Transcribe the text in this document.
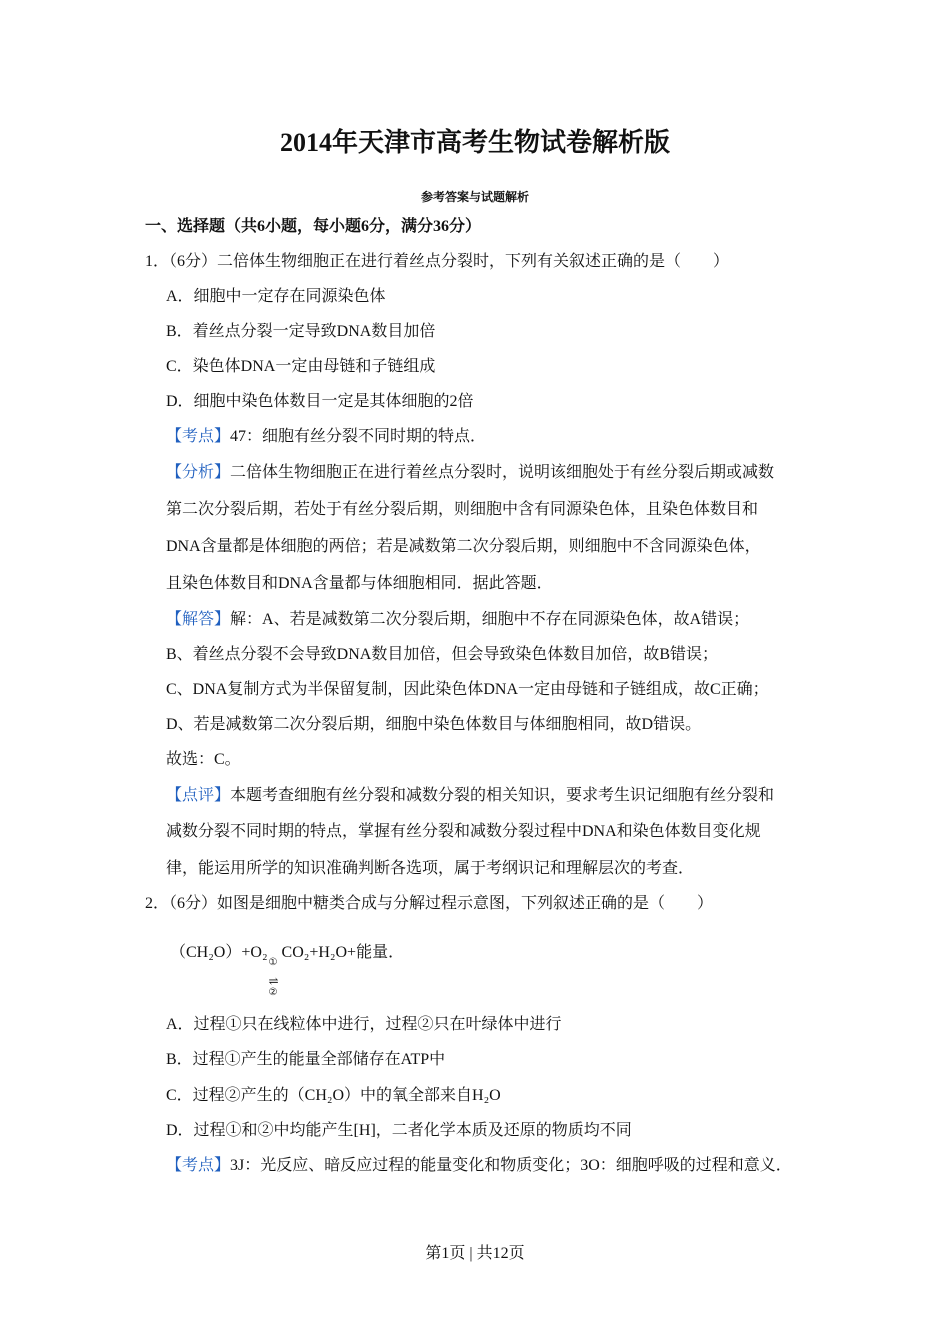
2014年天津市高考生物试卷解析版
参考答案与试题解析
一、选择题（共6小题，每小题6分，满分36分）
1．（6分）二倍体生物细胞正在进行着丝点分裂时，下列有关叙述正确的是（　　）
A．细胞中一定存在同源染色体
B．着丝点分裂一定导致DNA数目加倍
C．染色体DNA一定由母链和子链组成
D．细胞中染色体数目一定是其体细胞的2倍
【考点】47：细胞有丝分裂不同时期的特点．
【分析】二倍体生物细胞正在进行着丝点分裂时，说明该细胞处于有丝分裂后期或减数
第二次分裂后期，若处于有丝分裂后期，则细胞中含有同源染色体，且染色体数目和
DNA含量都是体细胞的两倍；若是减数第二次分裂后期，则细胞中不含同源染色体，
且染色体数目和DNA含量都与体细胞相同．据此答题．
【解答】解：A、若是减数第二次分裂后期，细胞中不存在同源染色体，故A错误；
B、着丝点分裂不会导致DNA数目加倍，但会导致染色体数目加倍，故B错误；
C、DNA复制方式为半保留复制，因此染色体DNA一定由母链和子链组成，故C正确；
D、若是减数第二次分裂后期，细胞中染色体数目与体细胞相同，故D错误。
故选：C。
【点评】本题考查细胞有丝分裂和减数分裂的相关知识，要求考生识记细胞有丝分裂和
减数分裂不同时期的特点，掌握有丝分裂和减数分裂过程中DNA和染色体数目变化规
律，能运用所学的知识准确判断各选项，属于考纲识记和理解层次的考查．
2．（6分）如图是细胞中糖类合成与分解过程示意图，下列叙述正确的是（　　）
（CH₂O）+O₂
①
⇌
②
CO₂+H₂O+能量．
A．过程①只在线粒体中进行，过程②只在叶绿体中进行
B．过程①产生的能量全部储存在ATP中
C．过程②产生的（CH₂O）中的氧全部来自H₂O
D．过程①和②中均能产生[H]，二者化学本质及还原的物质均不同
【考点】3J：光反应、暗反应过程的能量变化和物质变化；3O：细胞呼吸的过程和意义．
第1页 | 共12页
